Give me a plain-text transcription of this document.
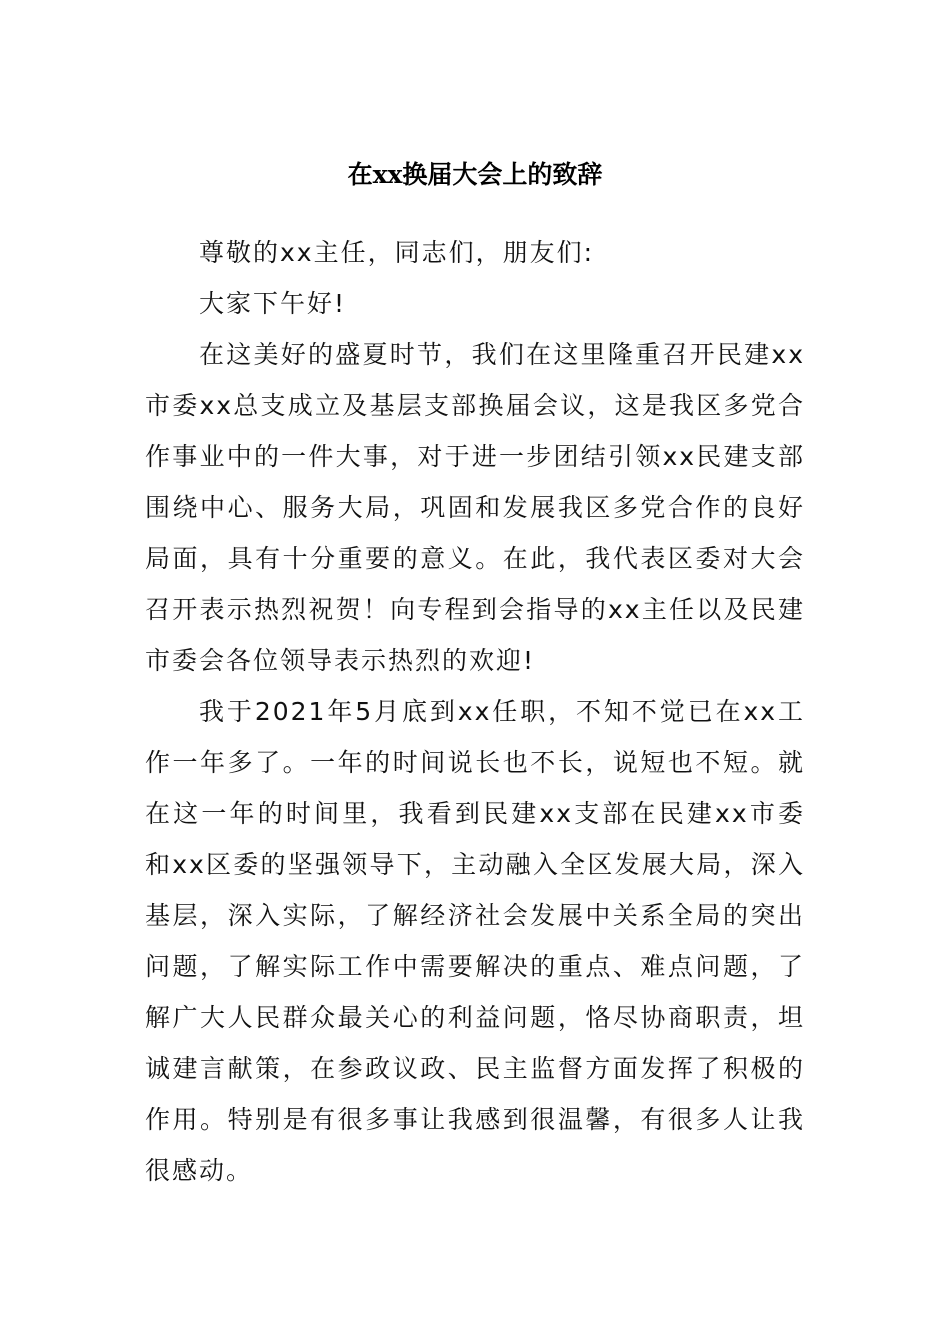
在xx换届大会上的致辞

尊敬的xx主任，同志们，朋友们:

大家下午好!

在这美好的盛夏时节，我们在这里隆重召开民建xx市委xx总支成立及基层支部换届会议，这是我区多党合作事业中的一件大事，对于进一步团结引领xx民建支部围绕中心、服务大局，巩固和发展我区多党合作的良好局面，具有十分重要的意义。在此，我代表区委对大会召开表示热烈祝贺！向专程到会指导的xx主任以及民建市委会各位领导表示热烈的欢迎!

我于2021年5月底到xx任职，不知不觉已在xx工作一年多了。一年的时间说长也不长，说短也不短。就在这一年的时间里，我看到民建xx支部在民建xx市委和xx区委的坚强领导下，主动融入全区发展大局，深入基层，深入实际，了解经济社会发展中关系全局的突出问题，了解实际工作中需要解决的重点、难点问题，了解广大人民群众最关心的利益问题，恪尽协商职责，坦诚建言献策，在参政议政、民主监督方面发挥了积极的作用。特别是有很多事让我感到很温馨，有很多人让我很感动。
